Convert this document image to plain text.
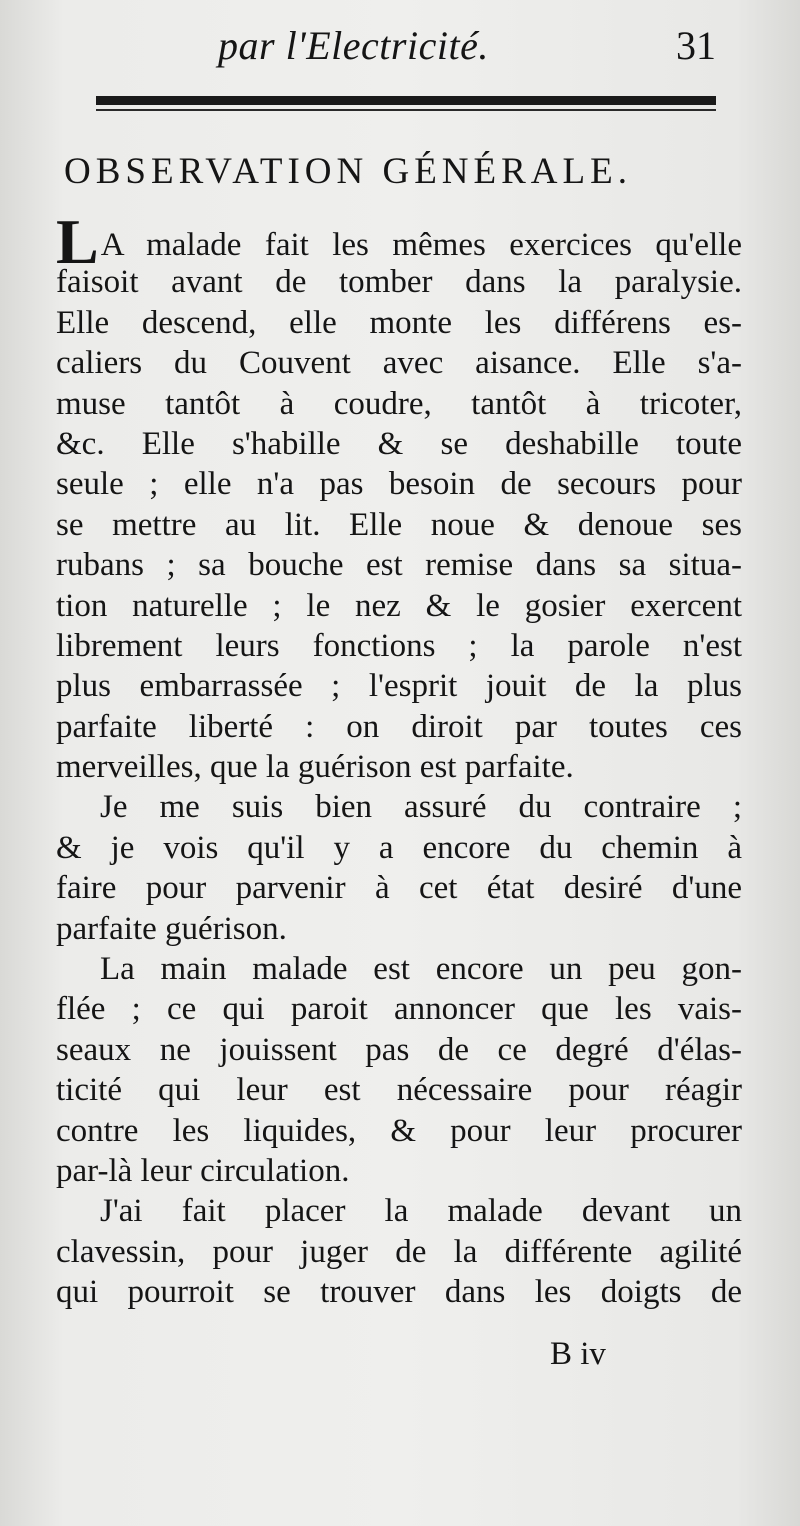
par l'Electricité.	31
OBSERVATION GÉNÉRALE.
LA malade fait les mêmes exercices qu'elle
faisoit avant de tomber dans la paralysie.
Elle descend, elle monte les différens es-
caliers du Couvent avec aisance. Elle s'a-
muse tantôt à coudre, tantôt à tricoter,
&c. Elle s'habille & se deshabille toute
seule ; elle n'a pas besoin de secours pour
se mettre au lit. Elle noue & denoue ses
rubans ; sa bouche est remise dans sa situa-
tion naturelle ; le nez & le gosier exercent
librement leurs fonctions ; la parole n'est
plus embarrassée ; l'esprit jouit de la plus
parfaite liberté : on diroit par toutes ces
merveilles, que la guérison est parfaite.
Je me suis bien assuré du contraire ;
& je vois qu'il y a encore du chemin à
faire pour parvenir à cet état desiré d'une
parfaite guérison.
La main malade est encore un peu gon-
flée ; ce qui paroit annoncer que les vais-
seaux ne jouissent pas de ce degré d'élas-
ticité qui leur est nécessaire pour réagir
contre les liquides, & pour leur procurer
par-là leur circulation.
J'ai fait placer la malade devant un
clavessin, pour juger de la différente agilité
qui pourroit se trouver dans les doigts de
B iv
